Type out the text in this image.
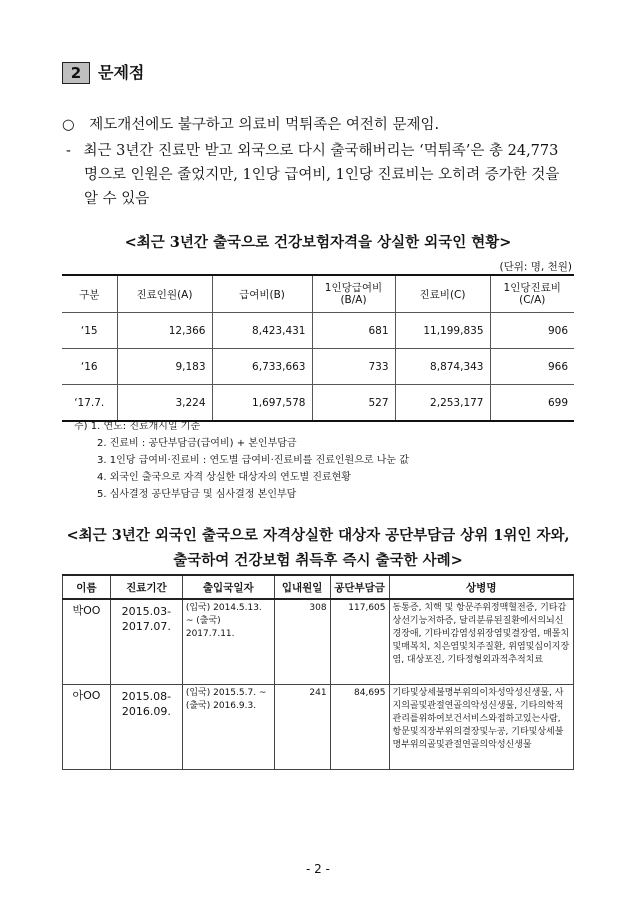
2	문제점
○ 제도개선에도 불구하고 의료비 먹튀족은 여전히 문제임.
- 최근 3년간 진료만 받고 외국으로 다시 출국해버리는 ‘먹튀족’은 총 24,773
명으로 인원은 줄었지만, 1인당 급여비, 1인당 진료비는 오히려 증가한 것을
알 수 있음
<최근 3년간 출국으로 건강보험자격을 상실한 외국인 현황>
(단위: 명, 천원)
구분	진료인원(A)	급여비(B)	1인당급여비
(B/A)	진료비(C)	1인당진료비
(C/A)
‘15	12,366	8,423,431	681	11,199,835	906
‘16	9,183	6,733,663	733	8,874,343	966
‘17.7.	3,224	1,697,578	527	2,253,177	699
주) 1. 연도: 진료개시일 기준
2. 진료비 : 공단부담금(급여비) + 본인부담금
3. 1인당 급여비·진료비 : 연도별 급여비·진료비를 진료인원으로 나눈 값
4. 외국인 출국으로 자격 상실한 대상자의 연도별 진료현황
5. 심사결정 공단부담금 및 심사결정 본인부담
<최근 3년간 외국인 출국으로 자격상실한 대상자 공단부담금 상위 1위인 자와,
출국하여 건강보험 취득후 즉시 출국한 사례>
이름	진료기간	출입국일자	입내원일	공단부담금	상병명
박OO	2015.03-
2017.07.	(입국) 2014.5.13. ~ (출국) 2017.7.11.	308	117,605	동통증, 치핵 및 항문주위정맥혈전증, 기타갑상선기능저하증, 달리분류된질환에서의뇌신경장애, 기타비감염성위장염및결장염, 매몰치및매복치, 치은염및치주질환, 위염및십이지장염, 대상포진, 기타정형외과적추적치료
아OO	2015.08-
2016.09.	(입국) 2015.5.7. ~ (출국) 2016.9.3.	241	84,695	기타및상세불명부위의이차성악성신생물, 사지의골및관절연골의악성신생물, 기타의학적관리를위하여보건서비스와접하고있는사람, 항문및직장부위의결장및누공, 기타및상세불명부위의골및관절연골의악성신생물
- 2 -
